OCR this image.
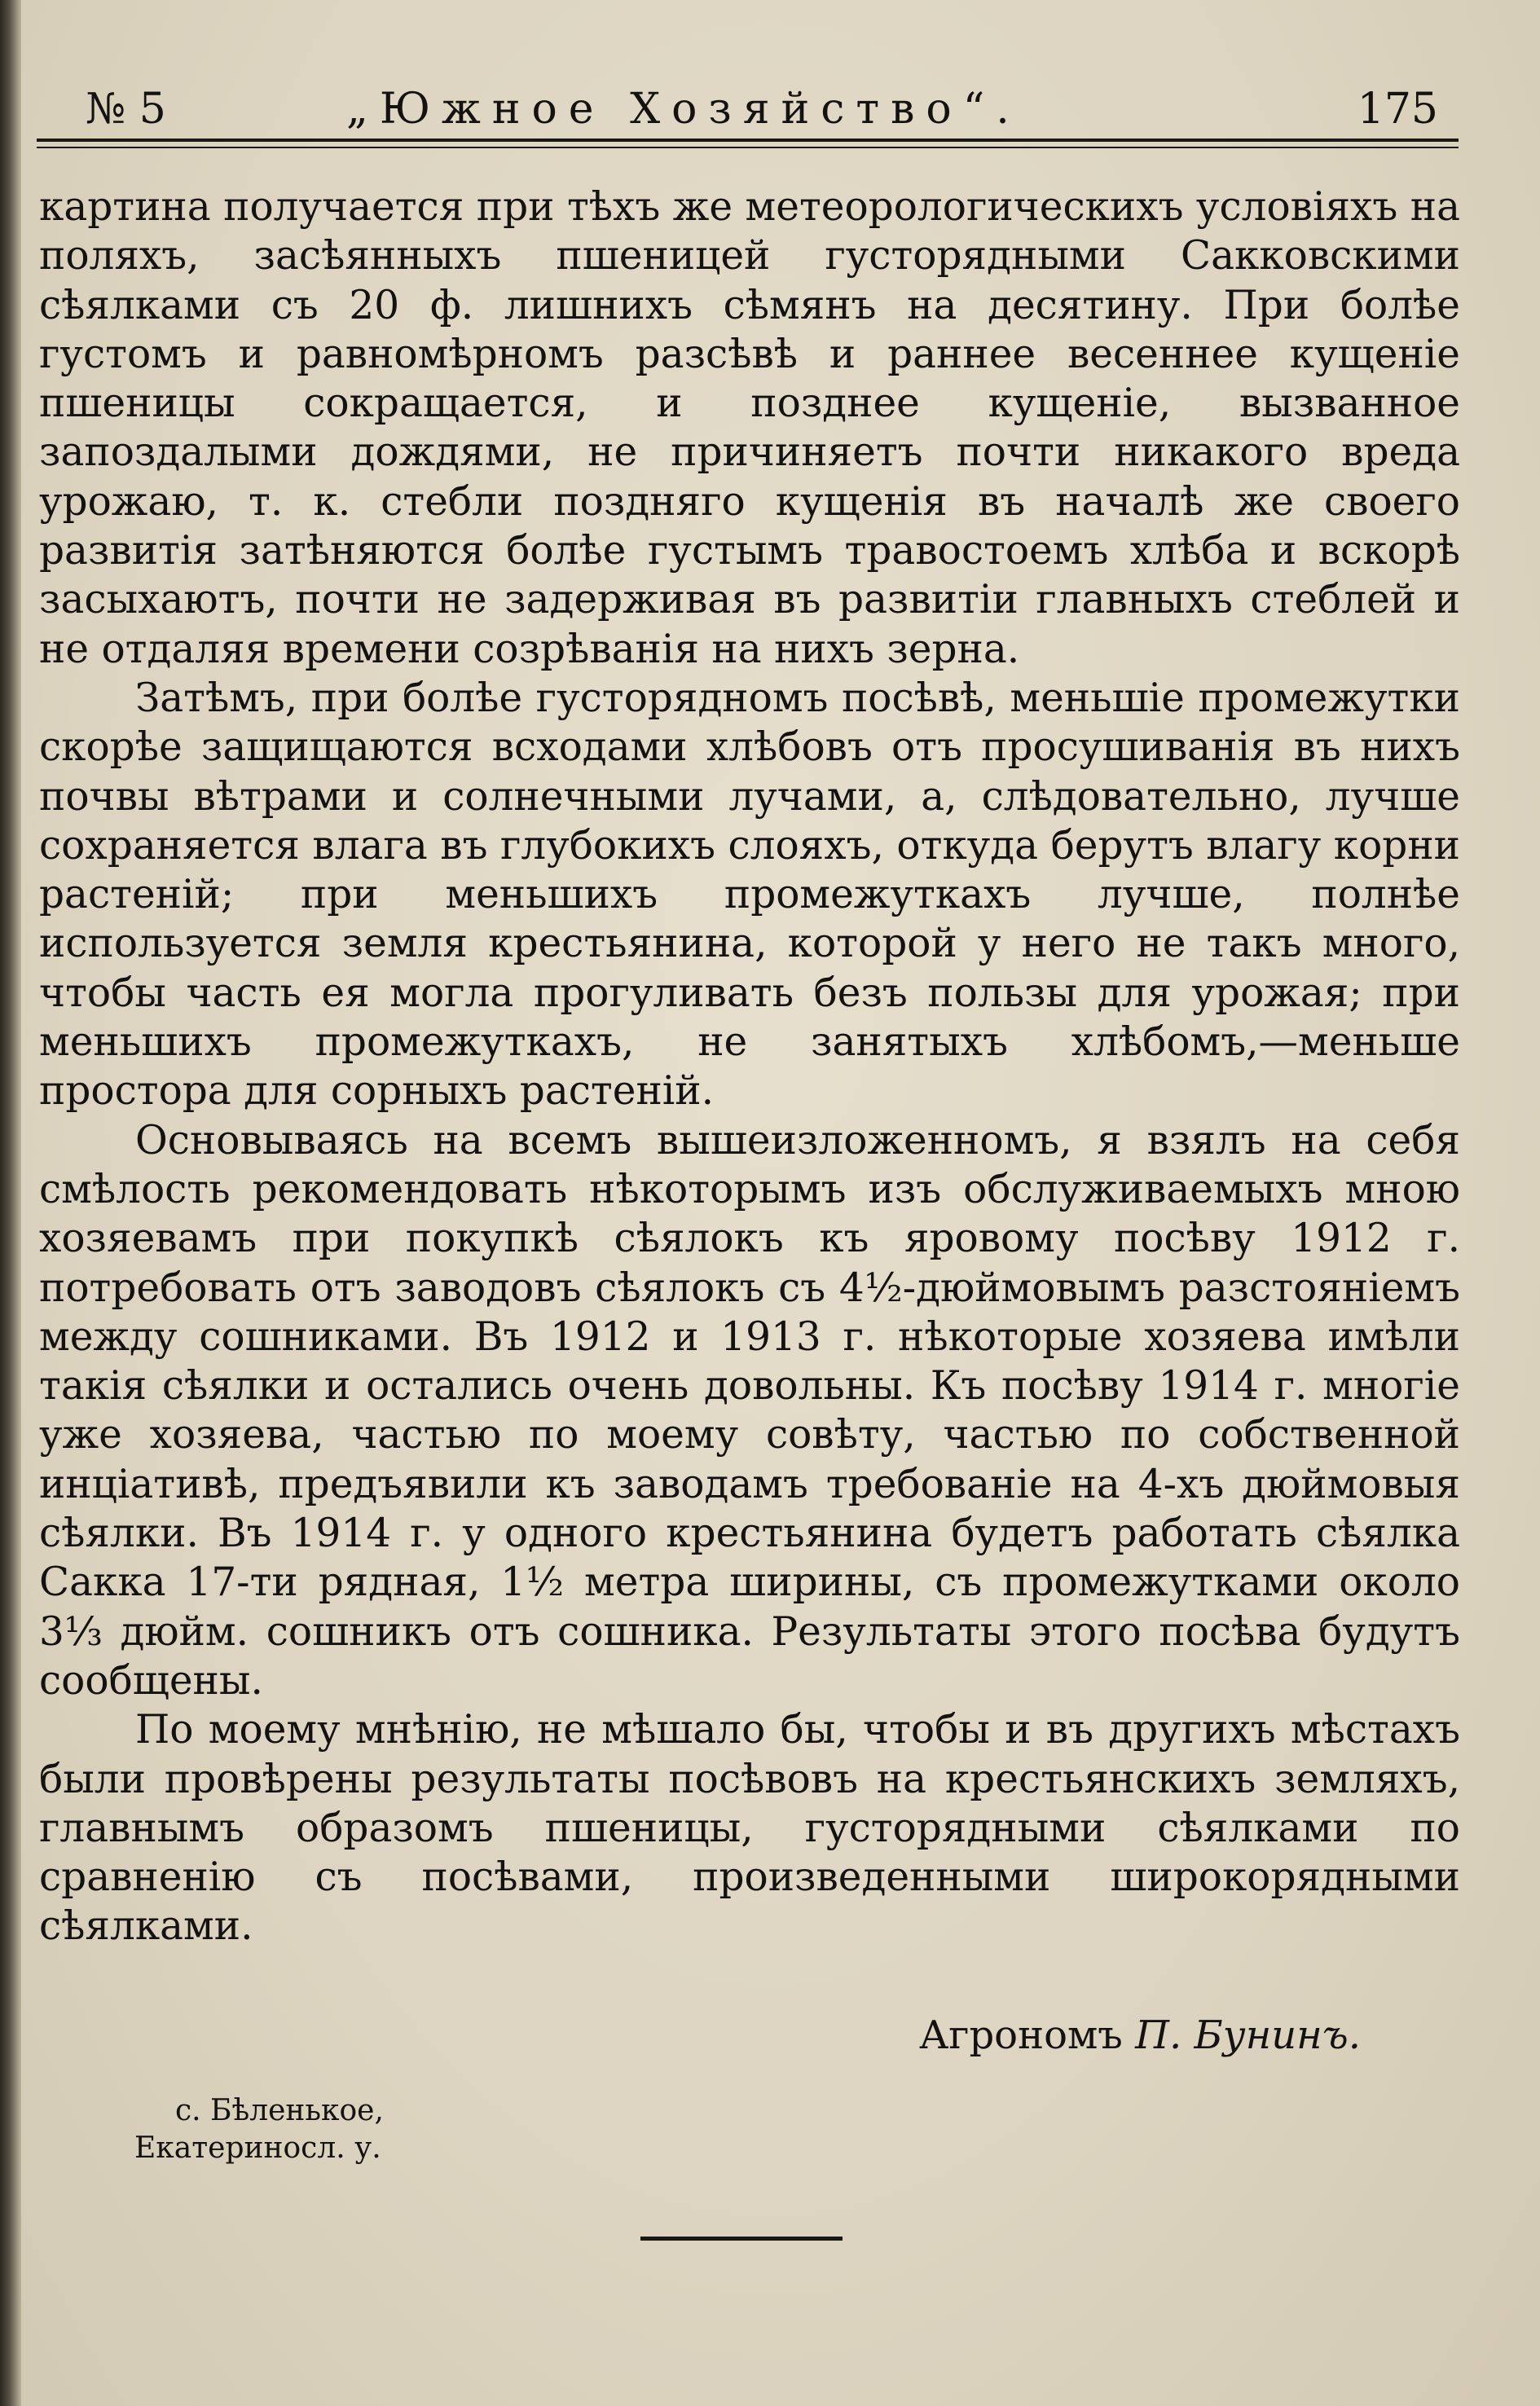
№ 5	„Южное Хозяйство“.	175

картина получается при тѣхъ же метеорологическихъ условіяхъ на поляхъ, засѣянныхъ пшеницей густорядными Сакковскими сѣялками съ 20 ф. лишнихъ сѣмянъ на десятину. При болѣе густомъ и равномѣрномъ разсѣвѣ и раннее весеннее кущеніе пшеницы сокращается, и позднее кущеніе, вызванное запоздалыми дождями, не причиняетъ почти никакого вреда урожаю, т. к. стебли поздняго кущенія въ началѣ же своего развитія затѣняются болѣе густымъ травостоемъ хлѣба и вскорѣ засыхаютъ, почти не задерживая въ развитіи главныхъ стеблей и не отдаляя времени созрѣванія на нихъ зерна.

Затѣмъ, при болѣе густорядномъ посѣвѣ, меньшіе промежутки скорѣе защищаются всходами хлѣбовъ отъ просушиванія въ нихъ почвы вѣтрами и солнечными лучами, а, слѣдовательно, лучше сохраняется влага въ глубокихъ слояхъ, откуда берутъ влагу корни растеній; при меньшихъ промежуткахъ лучше, полнѣе используется земля крестьянина, которой у него не такъ много, чтобы часть ея могла прогуливать безъ пользы для урожая; при меньшихъ промежуткахъ, не занятыхъ хлѣбомъ,—меньше простора для сорныхъ растеній.

Основываясь на всемъ вышеизложенномъ, я взялъ на себя смѣлость рекомендовать нѣкоторымъ изъ обслуживаемыхъ мною хозяевамъ при покупкѣ сѣялокъ къ яровому посѣву 1912 г. потребовать отъ заводовъ сѣялокъ съ 4½-дюймовымъ разстояніемъ между сошниками. Въ 1912 и 1913 г. нѣкоторые хозяева имѣли такія сѣялки и остались очень довольны. Къ посѣву 1914 г. многіе уже хозяева, частью по моему совѣту, частью по собственной инціативѣ, предъявили къ заводамъ требованіе на 4-хъ дюймовыя сѣялки. Въ 1914 г. у одного крестьянина будетъ работать сѣялка Сакка 17-ти рядная, 1½ метра ширины, съ промежутками около 3⅓ дюйм. сошникъ отъ сошника. Результаты этого посѣва будутъ сообщены.

По моему мнѣнію, не мѣшало бы, чтобы и въ другихъ мѣстахъ были провѣрены результаты посѣвовъ на крестьянскихъ земляхъ, главнымъ образомъ пшеницы, густорядными сѣялками по сравненію съ посѣвами, произведенными широкорядными сѣялками.

Агрономъ П. Бунинъ.
с. Бѣленькое,
Екатериносл. у.
